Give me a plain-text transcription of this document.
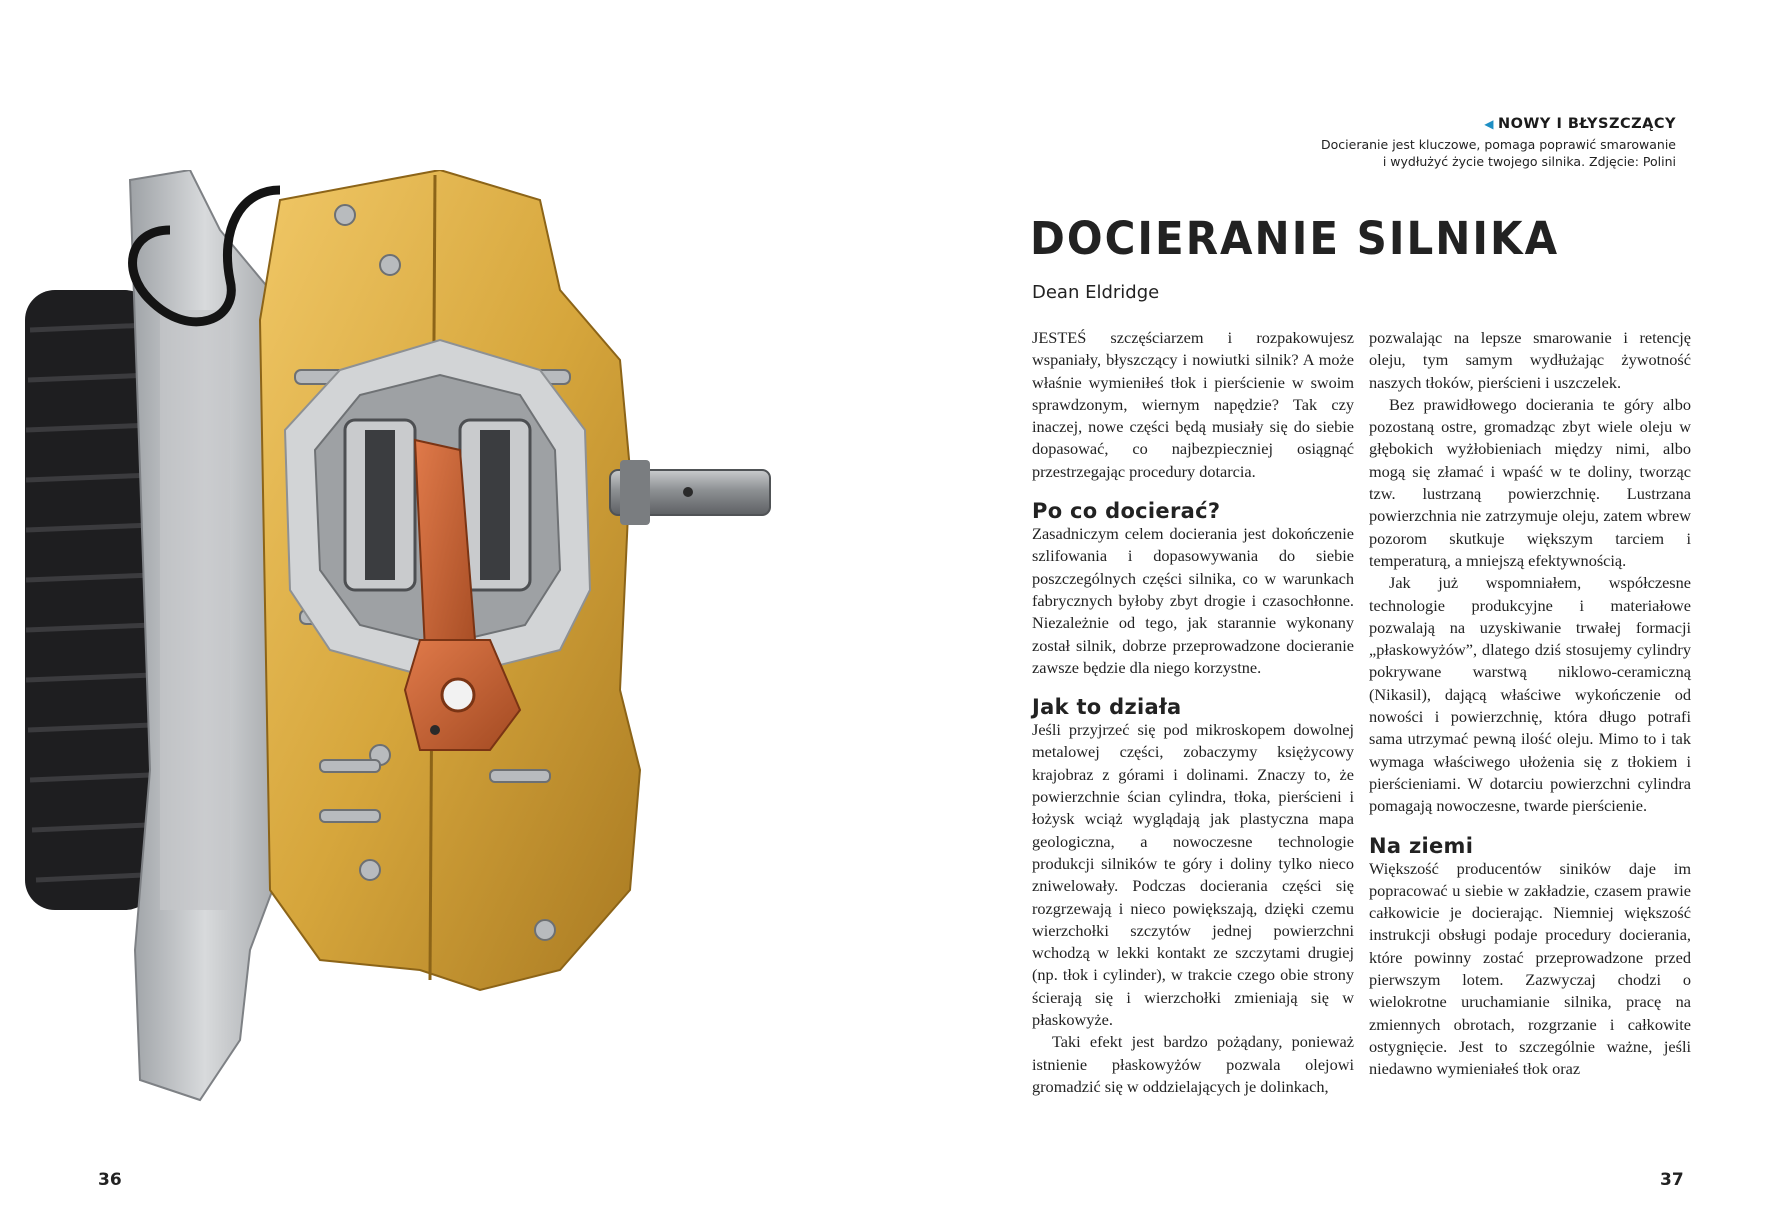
◀ NOWY I BŁYSZCZĄCY
Docieranie jest kluczowe, pomaga poprawić smarowanie
i wydłużyć życie twojego silnika. Zdjęcie: Polini
DOCIERANIE SILNIKA
Dean Eldridge

JESTEŚ szczęściarzem i rozpakowujesz wspaniały, błyszczący i nowiutki silnik? A może właśnie wymieniłeś tłok i pierścienie w swoim sprawdzonym, wiernym napędzie? Tak czy inaczej, nowe części będą musiały się do siebie dopasować, co najbezpieczniej osiągnąć przestrzegając procedury dotarcia.

Po co docierać?

Zasadniczym celem docierania jest dokończenie szlifowania i dopasowywania do siebie poszczególnych części silnika, co w warunkach fabrycznych byłoby zbyt drogie i czasochłonne. Niezależnie od tego, jak starannie wykonany został silnik, dobrze przeprowadzone docieranie zawsze będzie dla niego korzystne.

Jak to działa

Jeśli przyjrzeć się pod mikroskopem dowolnej metalowej części, zobaczymy księżycowy krajobraz z górami i dolinami. Znaczy to, że powierzchnie ścian cylindra, tłoka, pierścieni i łożysk wciąż wyglądają jak plastyczna mapa geologiczna, a nowoczesne technologie produkcji silników te góry i doliny tylko nieco zniwelowały. Podczas docierania części się rozgrzewają i nieco powiększają, dzięki czemu wierzchołki szczytów jednej powierzchni wchodzą w lekki kontakt ze szczytami drugiej (np. tłok i cylinder), w trakcie czego obie strony ścierają się i wierzchołki zmieniają się w płaskowyże.

Taki efekt jest bardzo pożądany, ponieważ istnienie płaskowyżów pozwala olejowi gromadzić się w oddzielających je dolinkach,

pozwalając na lepsze smarowanie i retencję oleju, tym samym wydłużając żywotność naszych tłoków, pierścieni i uszczelek.

Bez prawidłowego docierania te góry albo pozostaną ostre, gromadząc zbyt wiele oleju w głębokich wyżłobieniach między nimi, albo mogą się złamać i wpaść w te doliny, tworząc tzw. lustrzaną powierzchnię. Lustrzana powierzchnia nie zatrzymuje oleju, zatem wbrew pozorom skutkuje większym tarciem i temperaturą, a mniejszą efektywnością.

Jak już wspomniałem, współczesne technologie produkcyjne i materiałowe pozwalają na uzyskiwanie trwałej formacji „płaskowyżów”, dlatego dziś stosujemy cylindry pokrywane warstwą niklowo-ceramiczną (Nikasil), dającą właściwe wykończenie od nowości i powierzchnię, która długo potrafi sama utrzymać pewną ilość oleju. Mimo to i tak wymaga właściwego ułożenia się z tłokiem i pierścieniami. W dotarciu powierzchni cylindra pomagają nowoczesne, twarde pierścienie.

Na ziemi

Większość producentów sinikόw daje im popracować u siebie w zakładzie, czasem prawie całkowicie je docierając. Niemniej większość instrukcji obsługi podaje procedury docierania, które powinny zostać przeprowadzone przed pierwszym lotem. Zazwyczaj chodzi o wielokrotne uruchamianie silnika, pracę na zmiennych obrotach, rozgrzanie i całkowite ostygnięcie. Jest to szczególnie ważne, jeśli niedawno wymieniałeś tłok oraz

36	37
